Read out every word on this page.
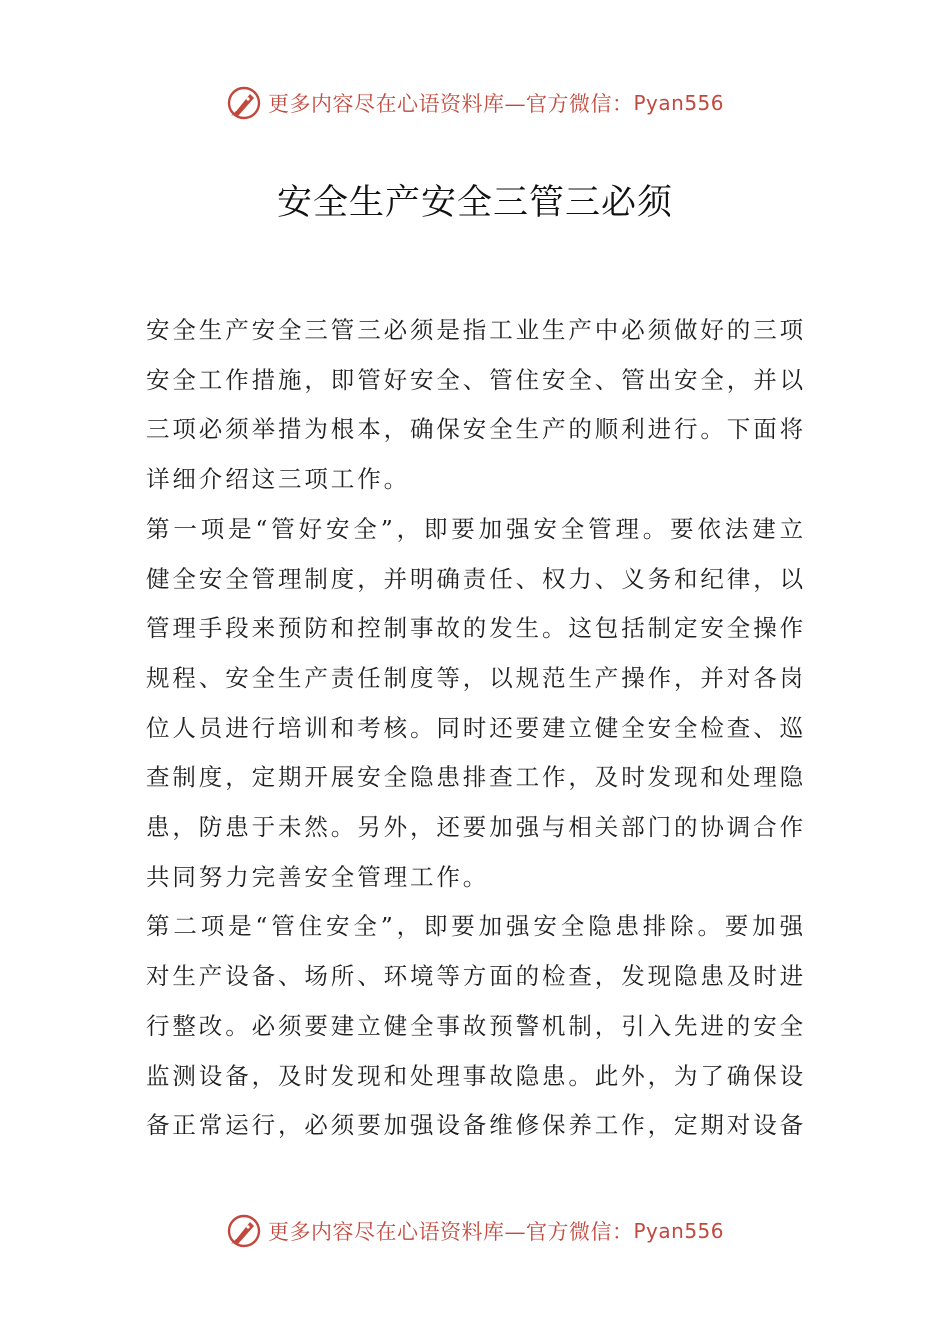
更多内容尽在心语资料库—官方微信： Pyan556
安全生产安全三管三必须

安全生产安全三管三必须是指工业生产中必须做好的三项安全工作措施，即管好安全、管住安全、管出安全，并以三项必须举措为根本，确保安全生产的顺利进行。下面将详细介绍这三项工作。

第一项是“管好安全”，即要加强安全管理。要依法建立健全安全管理制度，并明确责任、权力、义务和纪律，以管理手段来预防和控制事故的发生。这包括制定安全操作规程、安全生产责任制度等，以规范生产操作，并对各岗位人员进行培训和考核。同时还要建立健全安全检查、巡查制度，定期开展安全隐患排查工作，及时发现和处理隐患，防患于未然。另外，还要加强与相关部门的协调合作共同努力完善安全管理工作。

第二项是“管住安全”，即要加强安全隐患排除。要加强对生产设备、场所、环境等方面的检查，发现隐患及时进行整改。必须要建立健全事故预警机制，引入先进的安全监测设备，及时发现和处理事故隐患。此外，为了确保设备正常运行，必须要加强设备维修保养工作，定期对设备

更多内容尽在心语资料库—官方微信： Pyan556
